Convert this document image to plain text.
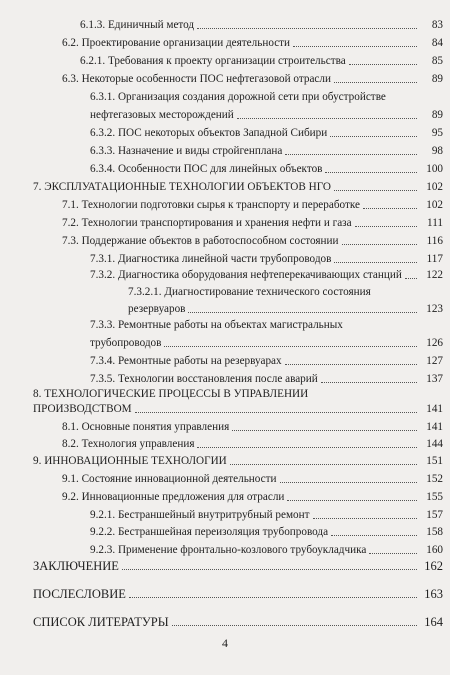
6.1.3. Единичный метод	83
6.2. Проектирование организации деятельности	84
6.2.1. Требования к проекту организации строительства	85
6.3. Некоторые особенности ПОС нефтегазовой отрасли	89
6.3.1. Организация создания дорожной сети при обустройстве
нефтегазовых месторождений	89
6.3.2. ПОС некоторых объектов Западной Сибири	95
6.3.3. Назначение и виды стройгенплана	98
6.3.4. Особенности ПОС для линейных объектов	100
7. ЭКСПЛУАТАЦИОННЫЕ ТЕХНОЛОГИИ ОБЪЕКТОВ НГО	102
7.1. Технологии подготовки сырья к транспорту и переработке	102
7.2. Технологии транспортирования и хранения нефти и газа	111
7.3. Поддержание объектов в работоспособном состоянии	116
7.3.1. Диагностика линейной части трубопроводов	117
7.3.2. Диагностика оборудования нефтеперекачивающих станций 122
7.3.2.1. Диагностирование технического состояния
резервуаров	123
7.3.3. Ремонтные работы на объектах магистральных
трубопроводов	126
7.3.4. Ремонтные работы на резервуарах	127
7.3.5. Технологии восстановления после аварий	137
8. ТЕХНОЛОГИЧЕСКИЕ ПРОЦЕССЫ В УПРАВЛЕНИИ
ПРОИЗВОДСТВОМ	141
8.1. Основные понятия управления	141
8.2. Технология управления	144
9. ИННОВАЦИОННЫЕ ТЕХНОЛОГИИ	151
9.1. Состояние инновационной деятельности	152
9.2. Инновационные предложения для отрасли	155
9.2.1. Бестраншейный внутритрубный ремонт	157
9.2.2. Бестраншейная переизоляция трубопровода	158
9.2.3. Применение фронтально-козлового трубоукладчика	160
ЗАКЛЮЧЕНИЕ	162
ПОСЛЕСЛОВИЕ	163
СПИСОК ЛИТЕРАТУРЫ	164
4
